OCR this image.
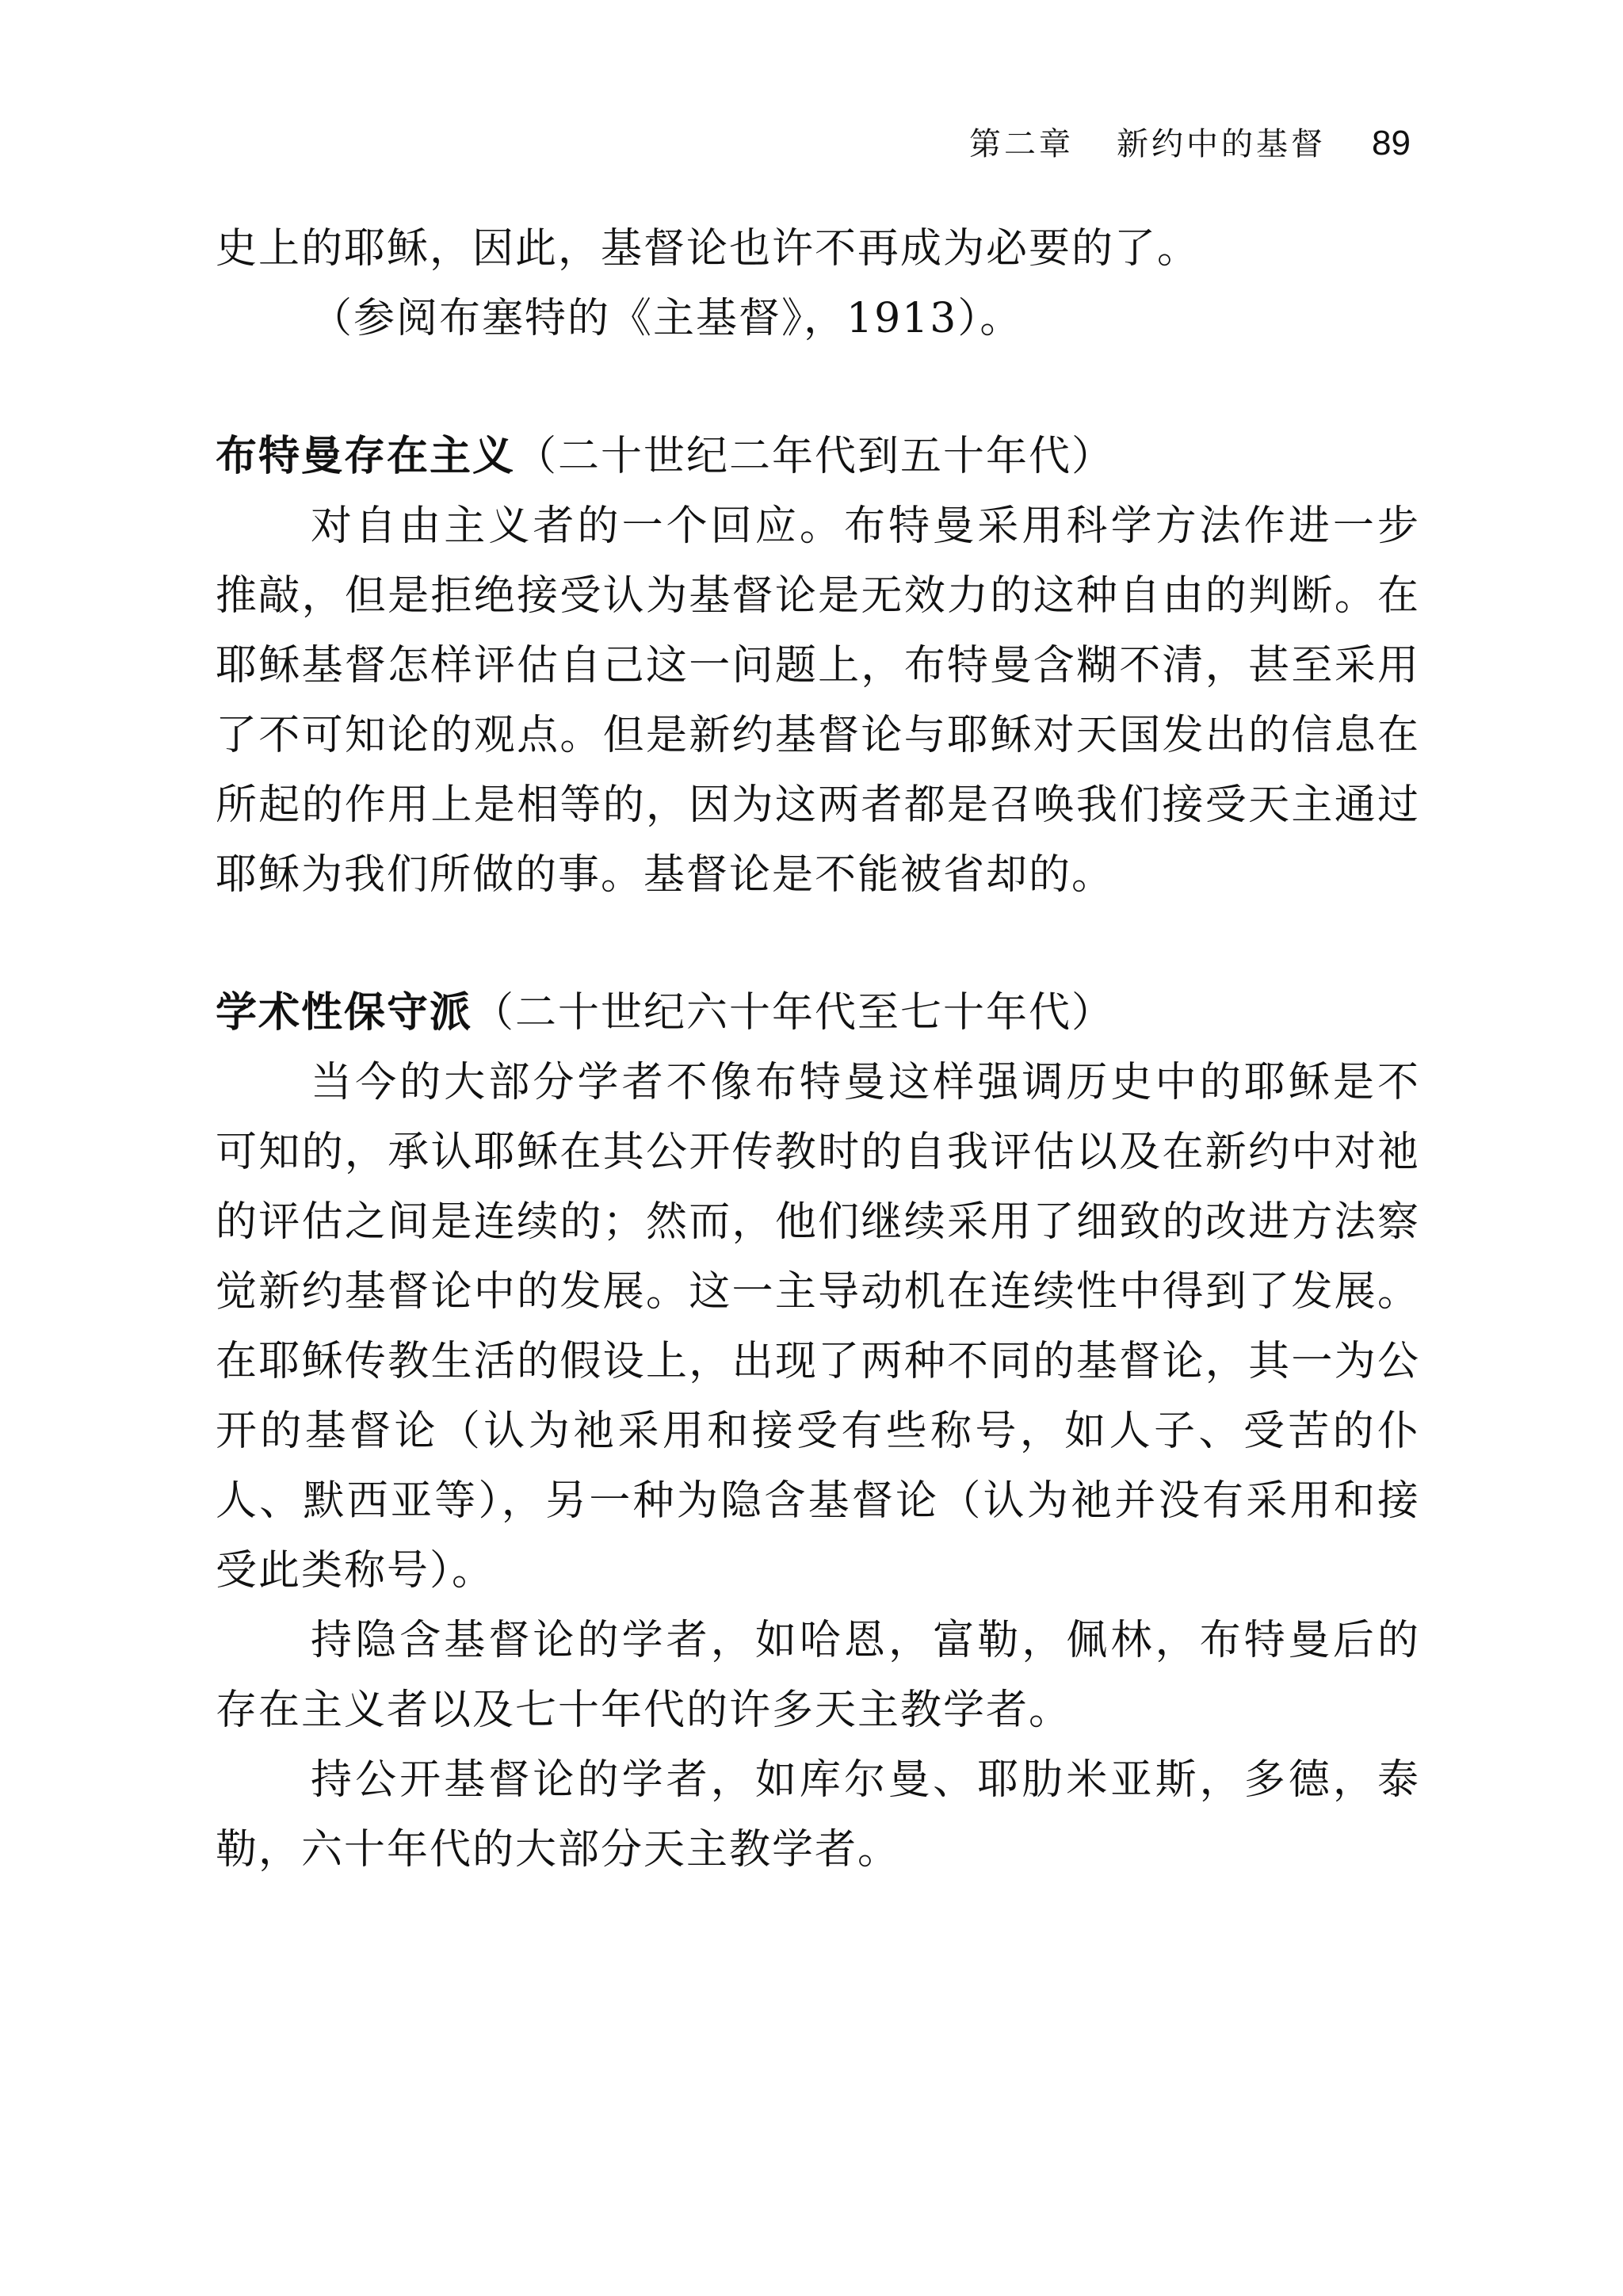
第二章 新约中的基督 89

史上的耶稣，因此，基督论也许不再成为必要的了。

（参阅布塞特的《主基督》，1913）。

布特曼存在主义（二十世纪二年代到五十年代）

对自由主义者的一个回应。布特曼采用科学方法作进一步推敲，但是拒绝接受认为基督论是无效力的这种自由的判断。在耶稣基督怎样评估自己这一问题上，布特曼含糊不清，甚至采用了不可知论的观点。但是新约基督论与耶稣对天国发出的信息在所起的作用上是相等的，因为这两者都是召唤我们接受天主通过耶稣为我们所做的事。基督论是不能被省却的。

学术性保守派（二十世纪六十年代至七十年代）

当今的大部分学者不像布特曼这样强调历史中的耶稣是不可知的，承认耶稣在其公开传教时的自我评估以及在新约中对祂的评估之间是连续的；然而，他们继续采用了细致的改进方法察觉新约基督论中的发展。这一主导动机在连续性中得到了发展。在耶稣传教生活的假设上，出现了两种不同的基督论，其一为公开的基督论（认为祂采用和接受有些称号，如人子、受苦的仆人、默西亚等），另一种为隐含基督论（认为祂并没有采用和接受此类称号）。

持隐含基督论的学者，如哈恩，富勒，佩林，布特曼后的存在主义者以及七十年代的许多天主教学者。

持公开基督论的学者，如库尔曼、耶肋米亚斯，多德，泰勒，六十年代的大部分天主教学者。
